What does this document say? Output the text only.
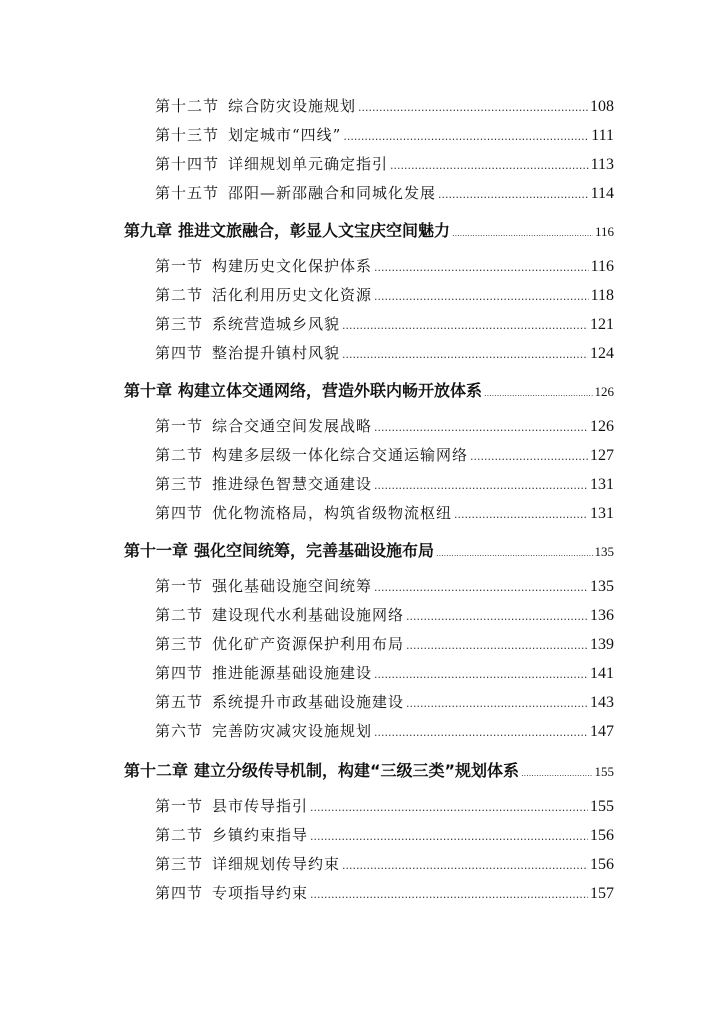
第十二节 综合防灾设施规划 .....	108
第十三节 划定城市“四线” .....	111
第十四节 详细规划单元确定指引 .....	113
第十五节 邵阳—新邵融合和同城化发展 .....	114
第九章 推进文旅融合，彰显人文宝庆空间魅力 .....	116
第一节 构建历史文化保护体系 .....	116
第二节 活化利用历史文化资源 .....	118
第三节 系统营造城乡风貌 .....	121
第四节 整治提升镇村风貌 .....	124
第十章 构建立体交通网络，营造外联内畅开放体系 .....	126
第一节 综合交通空间发展战略 .....	126
第二节 构建多层级一体化综合交通运输网络 .....	127
第三节 推进绿色智慧交通建设 .....	131
第四节 优化物流格局，构筑省级物流枢纽 .....	131
第十一章 强化空间统筹，完善基础设施布局 .....	135
第一节 强化基础设施空间统筹 .....	135
第二节 建设现代水利基础设施网络 .....	136
第三节 优化矿产资源保护利用布局 .....	139
第四节 推进能源基础设施建设 .....	141
第五节 系统提升市政基础设施建设 .....	143
第六节 完善防灾减灾设施规划 .....	147
第十二章 建立分级传导机制，构建“三级三类”规划体系 .....	155
第一节 县市传导指引 .....	155
第二节 乡镇约束指导 .....	156
第三节 详细规划传导约束 .....	156
第四节 专项指导约束 .....	157
